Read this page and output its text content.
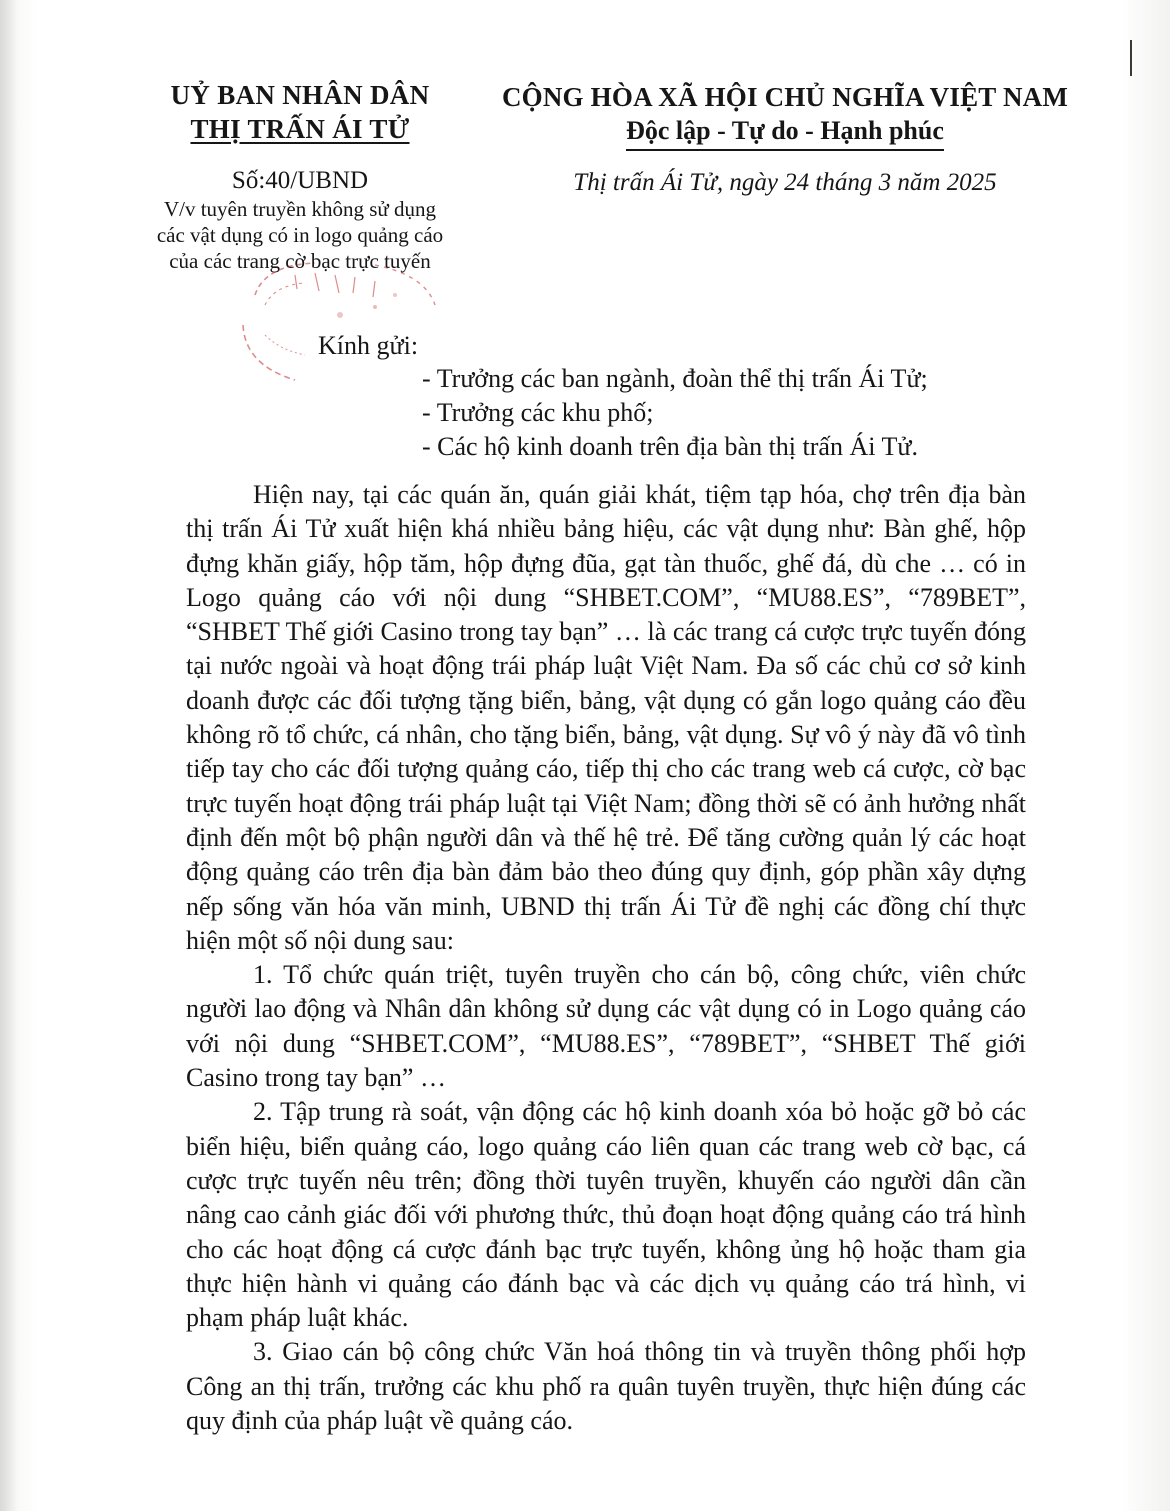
UỶ BAN NHÂN DÂN
THỊ TRẤN ÁI TỬ
Số:40/UBND
V/v tuyên truyền không sử dụng
các vật dụng có in logo quảng cáo
của các trang cờ bạc trực tuyến
CỘNG HÒA XÃ HỘI CHỦ NGHĨA VIỆT NAM
Độc lập - Tự do - Hạnh phúc
Thị trấn Ái Tử, ngày 24 tháng 3 năm 2025
Kính gửi:
- Trưởng các ban ngành, đoàn thể thị trấn Ái Tử;
- Trưởng các khu phố;
- Các hộ kinh doanh trên địa bàn thị trấn Ái Tử.

Hiện nay, tại các quán ăn, quán giải khát, tiệm tạp hóa, chợ trên địa bàn thị trấn Ái Tử xuất hiện khá nhiều bảng hiệu, các vật dụng như: Bàn ghế, hộp đựng khăn giấy, hộp tăm, hộp đựng đũa, gạt tàn thuốc, ghế đá, dù che … có in Logo quảng cáo với nội dung “SHBET.COM”, “MU88.ES”, “789BET”, “SHBET Thế giới Casino trong tay bạn” … là các trang cá cược trực tuyến đóng tại nước ngoài và hoạt động trái pháp luật Việt Nam. Đa số các chủ cơ sở kinh doanh được các đối tượng tặng biển, bảng, vật dụng có gắn logo quảng cáo đều không rõ tổ chức, cá nhân, cho tặng biển, bảng, vật dụng. Sự vô ý này đã vô tình tiếp tay cho các đối tượng quảng cáo, tiếp thị cho các trang web cá cược, cờ bạc trực tuyến hoạt động trái pháp luật tại Việt Nam; đồng thời sẽ có ảnh hưởng nhất định đến một bộ phận người dân và thế hệ trẻ. Để tăng cường quản lý các hoạt động quảng cáo trên địa bàn đảm bảo theo đúng quy định, góp phần xây dựng nếp sống văn hóa văn minh, UBND thị trấn Ái Tử đề nghị các đồng chí thực hiện một số nội dung sau:

1. Tổ chức quán triệt, tuyên truyền cho cán bộ, công chức, viên chức người lao động và Nhân dân không sử dụng các vật dụng có in Logo quảng cáo với nội dung “SHBET.COM”, “MU88.ES”, “789BET”, “SHBET Thế giới Casino trong tay bạn” …

2. Tập trung rà soát, vận động các hộ kinh doanh xóa bỏ hoặc gỡ bỏ các biển hiệu, biển quảng cáo, logo quảng cáo liên quan các trang web cờ bạc, cá cược trực tuyến nêu trên; đồng thời tuyên truyền, khuyến cáo người dân cần nâng cao cảnh giác đối với phương thức, thủ đoạn hoạt động quảng cáo trá hình cho các hoạt động cá cược đánh bạc trực tuyến, không ủng hộ hoặc tham gia thực hiện hành vi quảng cáo đánh bạc và các dịch vụ quảng cáo trá hình, vi phạm pháp luật khác.

3. Giao cán bộ công chức Văn hoá thông tin và truyền thông phối hợp Công an thị trấn, trưởng các khu phố ra quân tuyên truyền, thực hiện đúng các quy định của pháp luật về quảng cáo.
